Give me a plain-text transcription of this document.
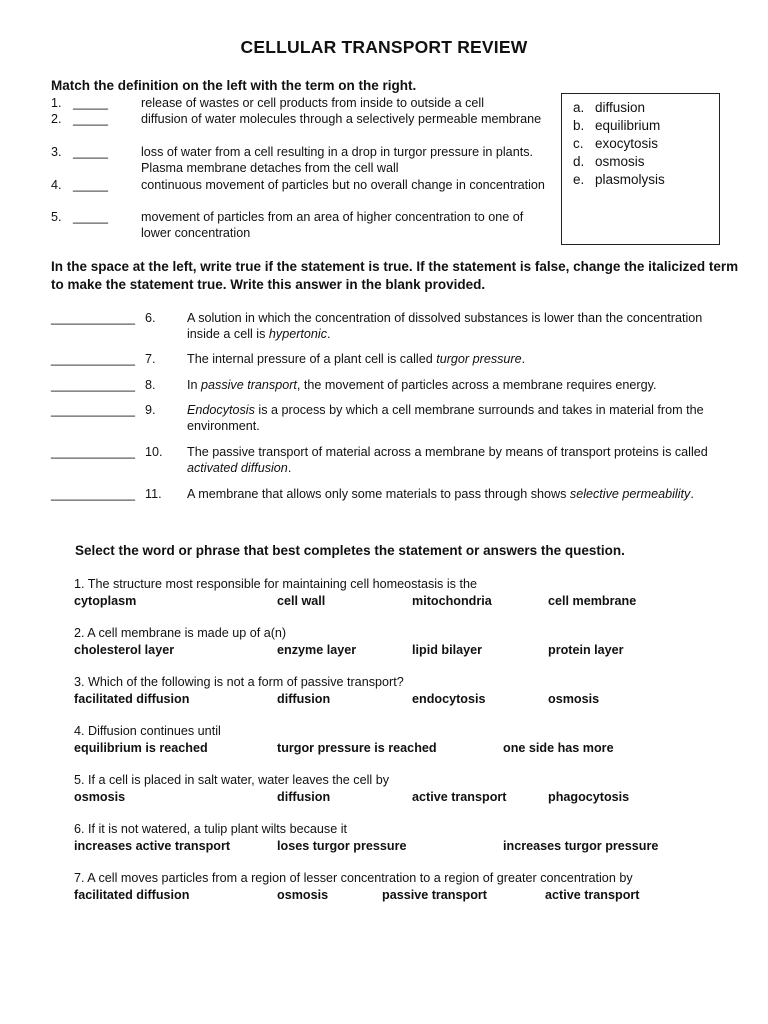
CELLULAR TRANSPORT REVIEW
Match the definition on the left with the term on the right.
1. _____	release of wastes or cell products from inside to outside a cell
2. _____	diffusion of water molecules through a selectively permeable membrane
3. _____	loss of water from a cell resulting in a drop in turgor pressure in plants. Plasma membrane detaches from the cell wall
4. _____	continuous movement of particles but no overall change in concentration
5. _____	movement of particles from an area of higher concentration to one of lower concentration
a. diffusion
b. equilibrium
c. exocytosis
d. osmosis
e. plasmolysis
In the space at the left, write true if the statement is true. If the statement is false, change the italicized term to make the statement true. Write this answer in the blank provided.
____________ 6. A solution in which the concentration of dissolved substances is lower than the concentration inside a cell is hypertonic.
____________ 7. The internal pressure of a plant cell is called turgor pressure.
____________ 8. In passive transport, the movement of particles across a membrane requires energy.
____________ 9. Endocytosis is a process by which a cell membrane surrounds and takes in material from the environment.
____________ 10. The passive transport of material across a membrane by means of transport proteins is called activated diffusion.
____________ 11. A membrane that allows only some materials to pass through shows selective permeability.
Select the word or phrase that best completes the statement or answers the question.
1. The structure most responsible for maintaining cell homeostasis is the
cytoplasm	cell wall	mitochondria	cell membrane
2. A cell membrane is made up of a(n)
cholesterol layer	enzyme layer	lipid bilayer	protein layer
3. Which of the following is not a form of passive transport?
facilitated diffusion	diffusion	endocytosis	osmosis
4. Diffusion continues until
equilibrium is reached	turgor pressure is reached	one side has more
5. If a cell is placed in salt water, water leaves the cell by
osmosis	diffusion	active transport	phagocytosis
6. If it is not watered, a tulip plant wilts because it
increases active transport	loses turgor pressure	increases turgor pressure
7. A cell moves particles from a region of lesser concentration to a region of greater concentration by
facilitated diffusion	osmosis	passive transport	active transport
